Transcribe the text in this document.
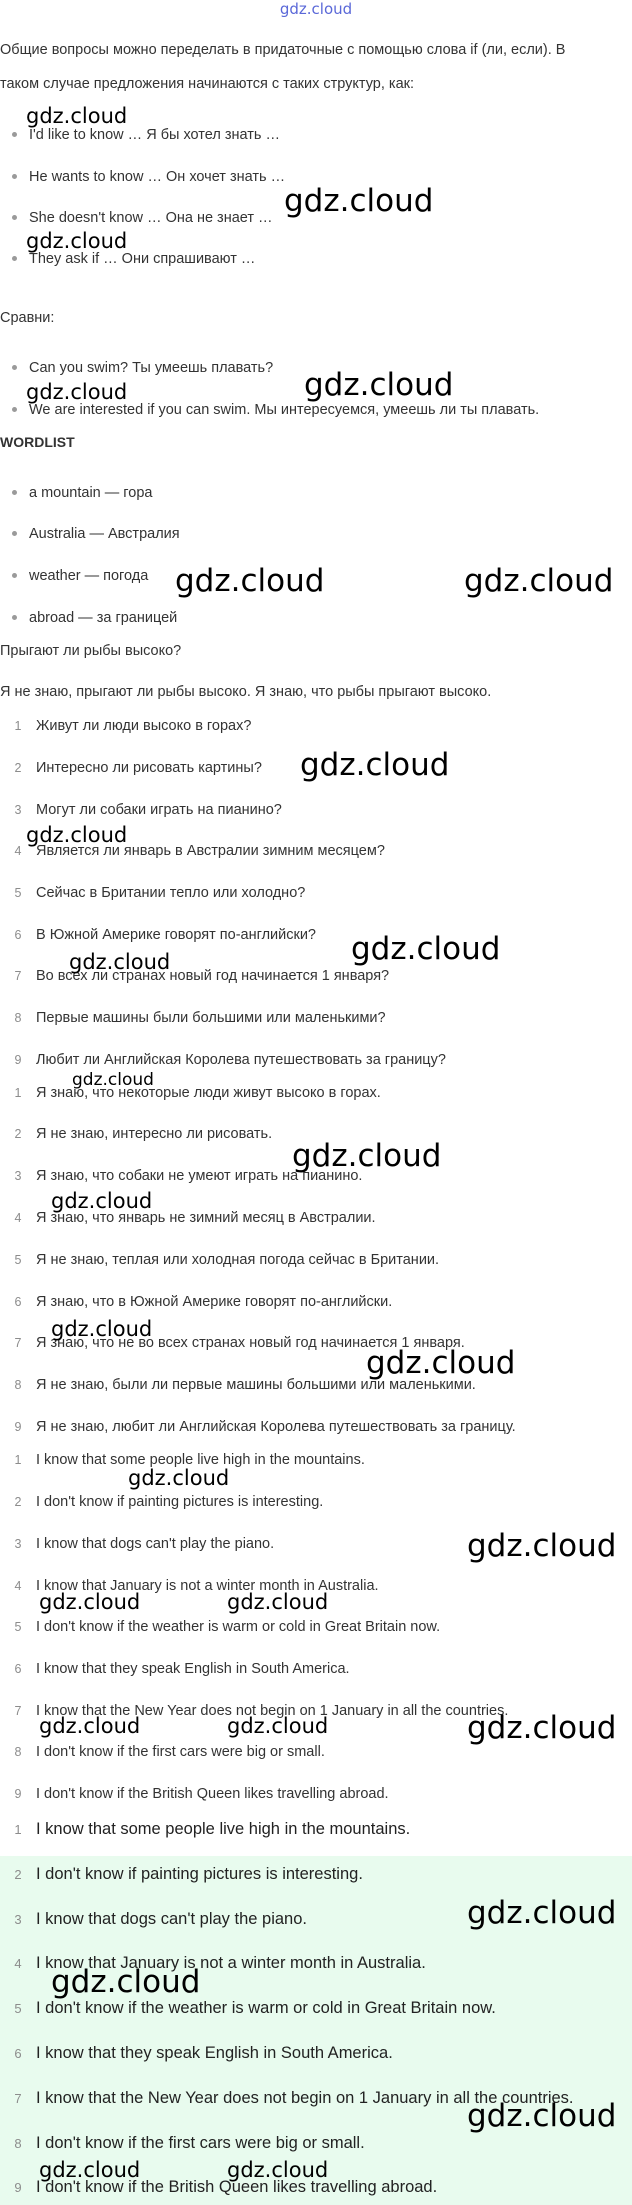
gdz.cloud
Общие вопросы можно переделать в придаточные с помощью слова if (ли, если). В таком случае предложения начинаются с таких структур, как:
I'd like to know … Я бы хотел знать …
He wants to know … Он хочет знать …
She doesn't know … Она не знает …
They ask if … Они спрашивают …
Сравни:
Can you swim? Ты умеешь плавать?
We are interested if you can swim. Мы интересуемся, умеешь ли ты плавать.
WORDLIST
a mountain — гора
Australia — Австралия
weather — погода
abroad — за границей
Прыгают ли рыбы высоко?
Я не знаю, прыгают ли рыбы высоко. Я знаю, что рыбы прыгают высоко.
1 Живут ли люди высоко в горах?
2 Интересно ли рисовать картины?
3 Могут ли собаки играть на пианино?
4 Является ли январь в Австралии зимним месяцем?
5 Сейчас в Британии тепло или холодно?
6 В Южной Америке говорят по-английски?
7 Во всех ли странах новый год начинается 1 января?
8 Первые машины были большими или маленькими?
9 Любит ли Английская Королева путешествовать за границу?
1 Я знаю, что некоторые люди живут высоко в горах.
2 Я не знаю, интересно ли рисовать.
3 Я знаю, что собаки не умеют играть на пианино.
4 Я знаю, что январь не зимний месяц в Австралии.
5 Я не знаю, теплая или холодная погода сейчас в Британии.
6 Я знаю, что в Южной Америке говорят по-английски.
7 Я знаю, что не во всех странах новый год начинается 1 января.
8 Я не знаю, были ли первые машины большими или маленькими.
9 Я не знаю, любит ли Английская Королева путешествовать за границу.
1 I know that some people live high in the mountains.
2 I don't know if painting pictures is interesting.
3 I know that dogs can't play the piano.
4 I know that January is not a winter month in Australia.
5 I don't know if the weather is warm or cold in Great Britain now.
6 I know that they speak English in South America.
7 I know that the New Year does not begin on 1 January in all the countries.
8 I don't know if the first cars were big or small.
9 I don't know if the British Queen likes travelling abroad.
1 I know that some people live high in the mountains.
2 I don't know if painting pictures is interesting.
3 I know that dogs can't play the piano.
4 I know that January is not a winter month in Australia.
5 I don't know if the weather is warm or cold in Great Britain now.
6 I know that they speak English in South America.
7 I know that the New Year does not begin on 1 January in all the countries.
8 I don't know if the first cars were big or small.
9 I don't know if the British Queen likes travelling abroad.
gdz.cloud
gdz.cloud
gdz.cloud
gdz.cloud
gdz.cloud
gdz.cloud	gdz.cloud
gdz.cloud
gdz.cloud
gdz.cloud
gdz.cloud
gdz.cloud
gdz.cloud
gdz.cloud
gdz.cloud
gdz.cloud
gdz.cloud
gdz.cloud
gdz.cloud	gdz.cloud
gdz.cloud	gdz.cloud	gdz.cloud
gdz.cloud
gdz.cloud
gdz.cloud
gdz.cloud	gdz.cloud
